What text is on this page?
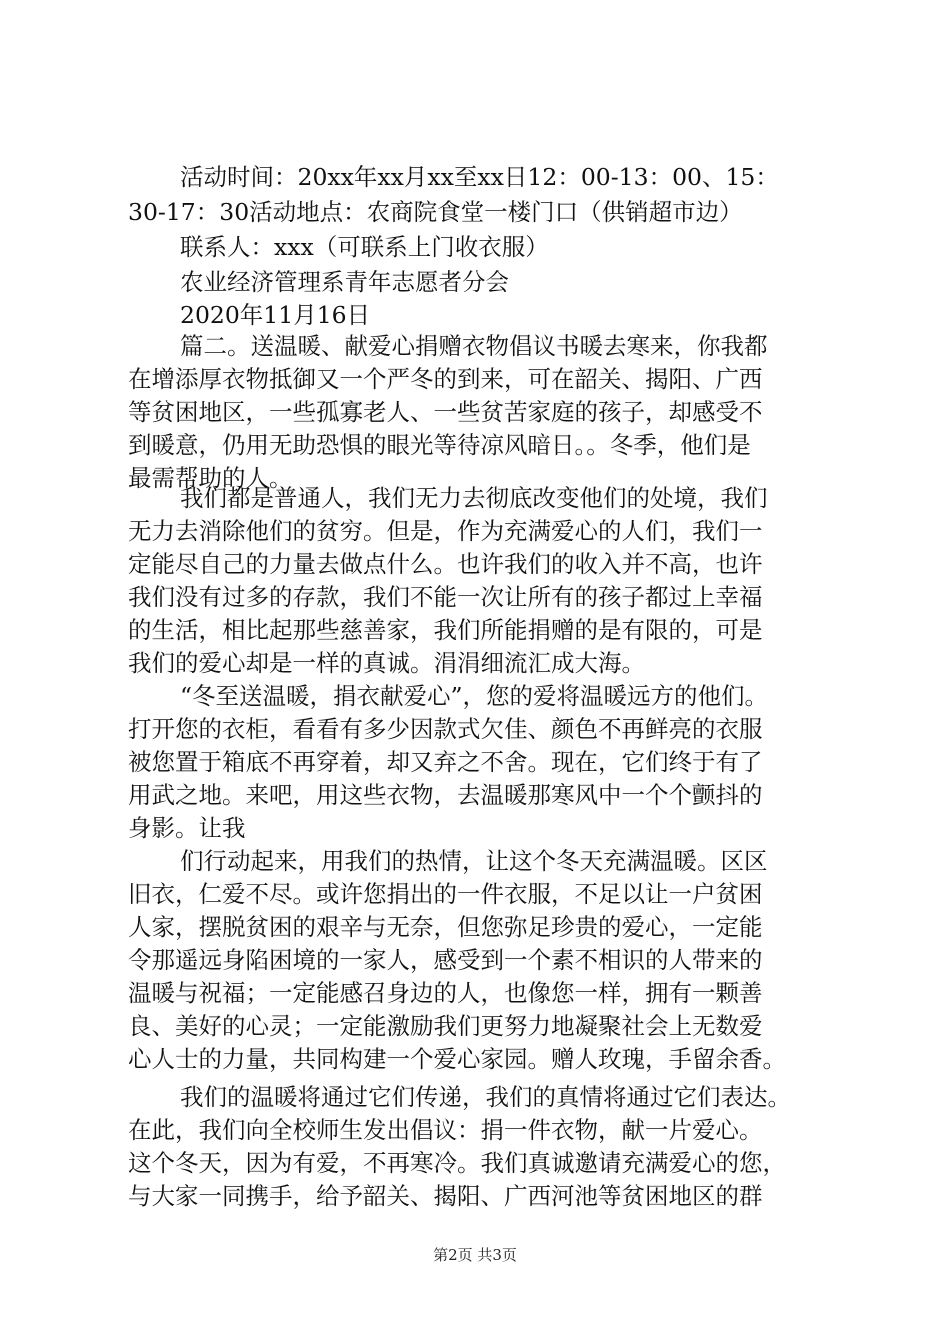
活动时间：20xx年xx月xx至xx日12：00-13：00、15：
30-17：30活动地点：农商院食堂一楼门口（供销超市边）
联系人：xxx（可联系上门收衣服）
农业经济管理系青年志愿者分会
2020年11月16日
篇二。送温暖、献爱心捐赠衣物倡议书暖去寒来，你我都
在增添厚衣物抵御又一个严冬的到来，可在韶关、揭阳、广西
等贫困地区，一些孤寡老人、一些贫苦家庭的孩子，却感受不
到暖意，仍用无助恐惧的眼光等待凉风暗日。。冬季，他们是
最需帮助的人。
我们都是普通人，我们无力去彻底改变他们的处境，我们
无力去消除他们的贫穷。但是，作为充满爱心的人们，我们一
定能尽自己的力量去做点什么。也许我们的收入并不高，也许
我们没有过多的存款，我们不能一次让所有的孩子都过上幸福
的生活，相比起那些慈善家，我们所能捐赠的是有限的，可是
我们的爱心却是一样的真诚。涓涓细流汇成大海。
“冬至送温暖，捐衣献爱心”，您的爱将温暖远方的他们。
打开您的衣柜，看看有多少因款式欠佳、颜色不再鲜亮的衣服
被您置于箱底不再穿着，却又弃之不舍。现在，它们终于有了
用武之地。来吧，用这些衣物，去温暖那寒风中一个个颤抖的
身影。让我
们行动起来，用我们的热情，让这个冬天充满温暖。区区
旧衣，仁爱不尽。或许您捐出的一件衣服，不足以让一户贫困
人家，摆脱贫困的艰辛与无奈，但您弥足珍贵的爱心，一定能
令那遥远身陷困境的一家人，感受到一个素不相识的人带来的
温暖与祝福；一定能感召身边的人，也像您一样，拥有一颗善
良、美好的心灵；一定能激励我们更努力地凝聚社会上无数爱
心人士的力量，共同构建一个爱心家园。赠人玫瑰，手留余香。
我们的温暖将通过它们传递，我们的真情将通过它们表达。
在此，我们向全校师生发出倡议：捐一件衣物，献一片爱心。
这个冬天，因为有爱，不再寒冷。我们真诚邀请充满爱心的您，
与大家一同携手，给予韶关、揭阳、广西河池等贫困地区的群
第2页 共3页
